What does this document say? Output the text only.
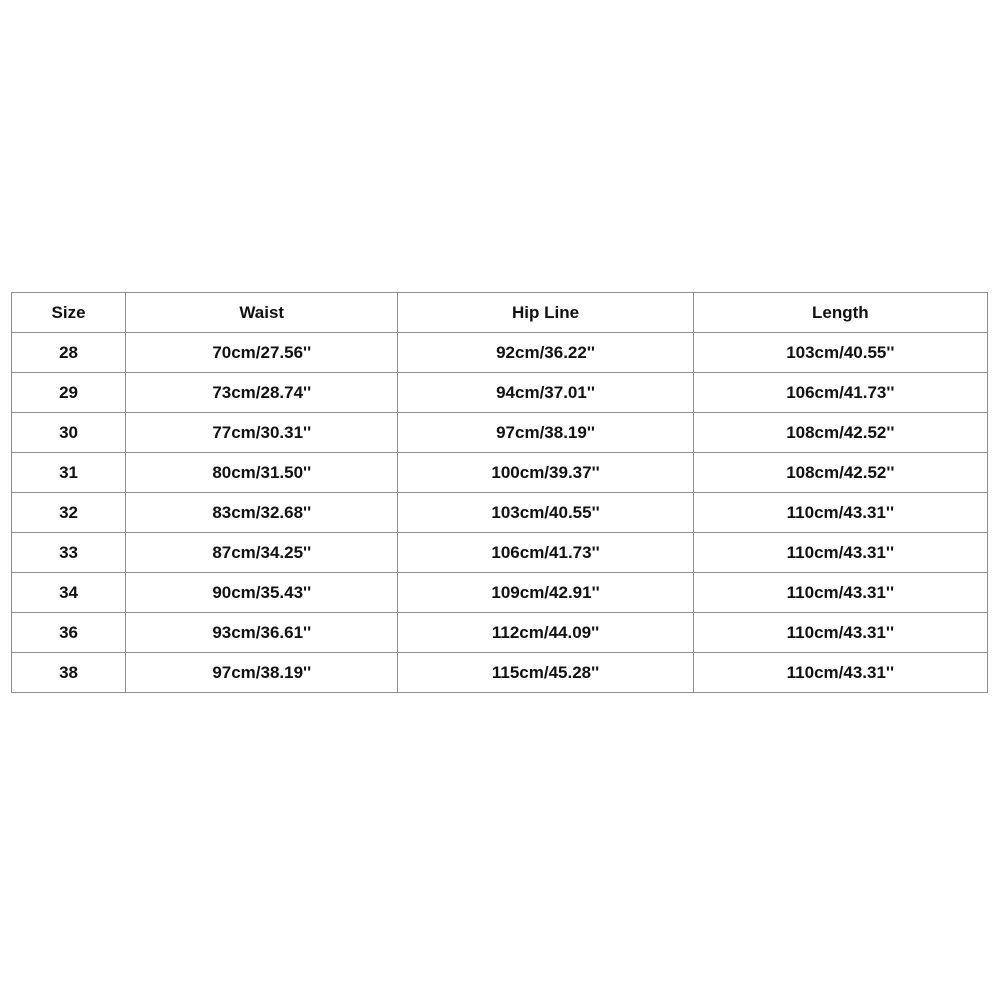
Size	Waist	Hip Line	Length
28	70cm/27.56''	92cm/36.22''	103cm/40.55''
29	73cm/28.74''	94cm/37.01''	106cm/41.73''
30	77cm/30.31''	97cm/38.19''	108cm/42.52''
31	80cm/31.50''	100cm/39.37''	108cm/42.52''
32	83cm/32.68''	103cm/40.55''	110cm/43.31''
33	87cm/34.25''	106cm/41.73''	110cm/43.31''
34	90cm/35.43''	109cm/42.91''	110cm/43.31''
36	93cm/36.61''	112cm/44.09''	110cm/43.31''
38	97cm/38.19''	115cm/45.28''	110cm/43.31''
